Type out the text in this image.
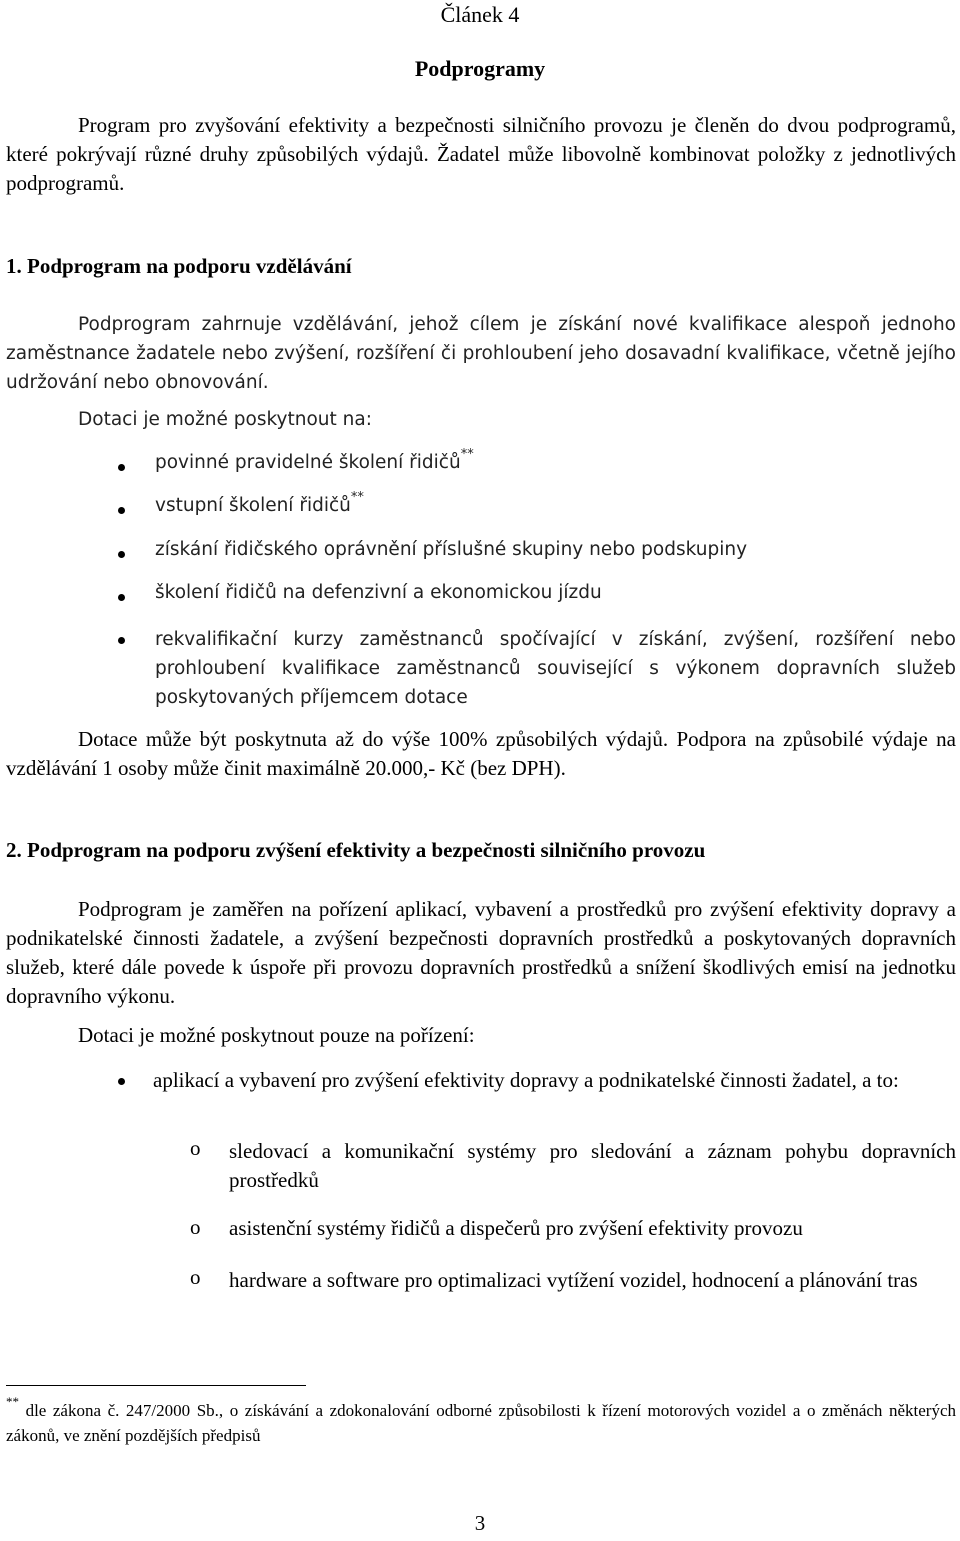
Článek 4
Podprogramy
Program pro zvyšování efektivity a bezpečnosti silničního provozu je členěn do dvou podprogramů, které pokrývají různé druhy způsobilých výdajů. Žadatel může libovolně kombinovat položky z jednotlivých podprogramů.
1. Podprogram na podporu vzdělávání
Podprogram zahrnuje vzdělávání, jehož cílem je získání nové kvalifikace alespoň jednoho zaměstnance žadatele nebo zvýšení, rozšíření či prohloubení jeho dosavadní kvalifikace, včetně jejího udržování nebo obnovování.
Dotaci je možné poskytnout na:
povinné pravidelné školení řidičů**
vstupní školení řidičů**
získání řidičského oprávnění příslušné skupiny nebo podskupiny
školení řidičů na defenzivní a ekonomickou jízdu
rekvalifikační kurzy zaměstnanců spočívající v získání, zvýšení, rozšíření nebo prohloubení kvalifikace zaměstnanců související s výkonem dopravních služeb poskytovaných příjemcem dotace
Dotace může být poskytnuta až do výše 100% způsobilých výdajů. Podpora na způsobilé výdaje na vzdělávání 1 osoby může činit maximálně 20.000,- Kč (bez DPH).
2. Podprogram na podporu zvýšení efektivity a bezpečnosti silničního provozu
Podprogram je zaměřen na pořízení aplikací, vybavení a prostředků pro zvýšení efektivity dopravy a podnikatelské činnosti žadatele, a zvýšení bezpečnosti dopravních prostředků a poskytovaných dopravních služeb, které dále povede k úspoře při provozu dopravních prostředků a snížení škodlivých emisí na jednotku dopravního výkonu.
Dotaci je možné poskytnout pouze na pořízení:
aplikací a vybavení pro zvýšení efektivity dopravy a podnikatelské činnosti žadatel, a to:
o sledovací a komunikační systémy pro sledování a záznam pohybu dopravních prostředků
o asistenční systémy řidičů a dispečerů pro zvýšení efektivity provozu
o hardware a software pro optimalizaci vytížení vozidel, hodnocení a plánování tras
** dle zákona č. 247/2000 Sb., o získávání a zdokonalování odborné způsobilosti k řízení motorových vozidel a o změnách některých zákonů, ve znění pozdějších předpisů
3
